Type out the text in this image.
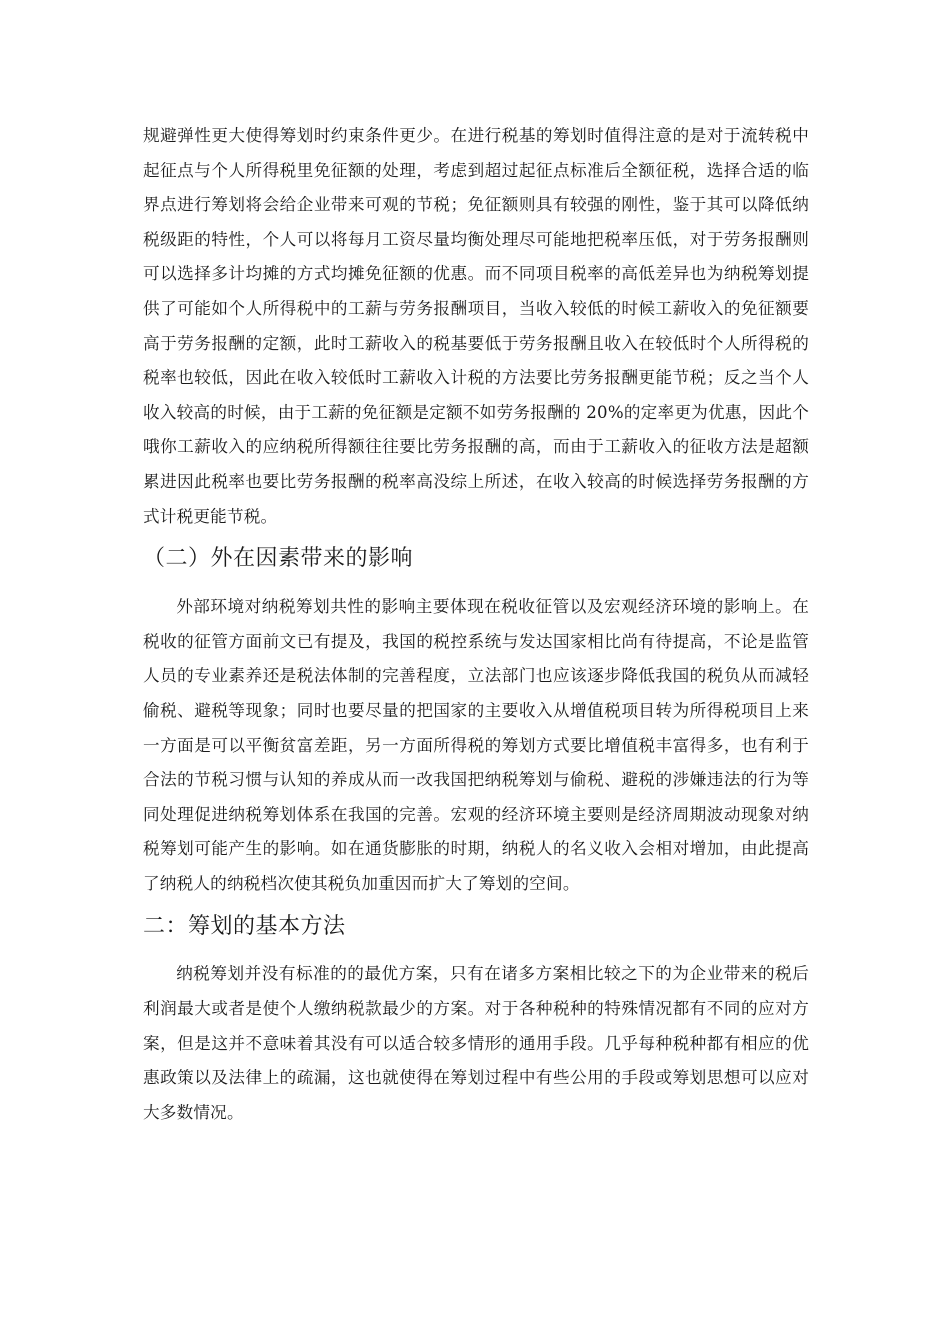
规避弹性更大使得筹划时约束条件更少。在进行税基的筹划时值得注意的是对于流转税中起征点与个人所得税里免征额的处理，考虑到超过起征点标准后全额征税，选择合适的临界点进行筹划将会给企业带来可观的节税；免征额则具有较强的刚性，鉴于其可以降低纳税级距的特性，个人可以将每月工资尽量均衡处理尽可能地把税率压低，对于劳务报酬则可以选择多计均摊的方式均摊免征额的优惠。而不同项目税率的高低差异也为纳税筹划提供了可能如个人所得税中的工薪与劳务报酬项目，当收入较低的时候工薪收入的免征额要高于劳务报酬的定额，此时工薪收入的税基要低于劳务报酬且收入在较低时个人所得税的税率也较低，因此在收入较低时工薪收入计税的方法要比劳务报酬更能节税；反之当个人收入较高的时候，由于工薪的免征额是定额不如劳务报酬的 20%的定率更为优惠，因此个哦你工薪收入的应纳税所得额往往要比劳务报酬的高，而由于工薪收入的征收方法是超额累进因此税率也要比劳务报酬的税率高没综上所述，在收入较高的时候选择劳务报酬的方式计税更能节税。

（二）外在因素带来的影响

外部环境对纳税筹划共性的影响主要体现在税收征管以及宏观经济环境的影响上。在税收的征管方面前文已有提及，我国的税控系统与发达国家相比尚有待提高，不论是监管人员的专业素养还是税法体制的完善程度，立法部门也应该逐步降低我国的税负从而减轻偷税、避税等现象；同时也要尽量的把国家的主要收入从增值税项目转为所得税项目上来一方面是可以平衡贫富差距，另一方面所得税的筹划方式要比增值税丰富得多，也有利于合法的节税习惯与认知的养成从而一改我国把纳税筹划与偷税、避税的涉嫌违法的行为等同处理促进纳税筹划体系在我国的完善。宏观的经济环境主要则是经济周期波动现象对纳税筹划可能产生的影响。如在通货膨胀的时期，纳税人的名义收入会相对增加，由此提高了纳税人的纳税档次使其税负加重因而扩大了筹划的空间。

二：筹划的基本方法

纳税筹划并没有标准的的最优方案，只有在诸多方案相比较之下的为企业带来的税后利润最大或者是使个人缴纳税款最少的方案。对于各种税种的特殊情况都有不同的应对方案，但是这并不意味着其没有可以适合较多情形的通用手段。几乎每种税种都有相应的优惠政策以及法律上的疏漏，这也就使得在筹划过程中有些公用的手段或筹划思想可以应对大多数情况。
